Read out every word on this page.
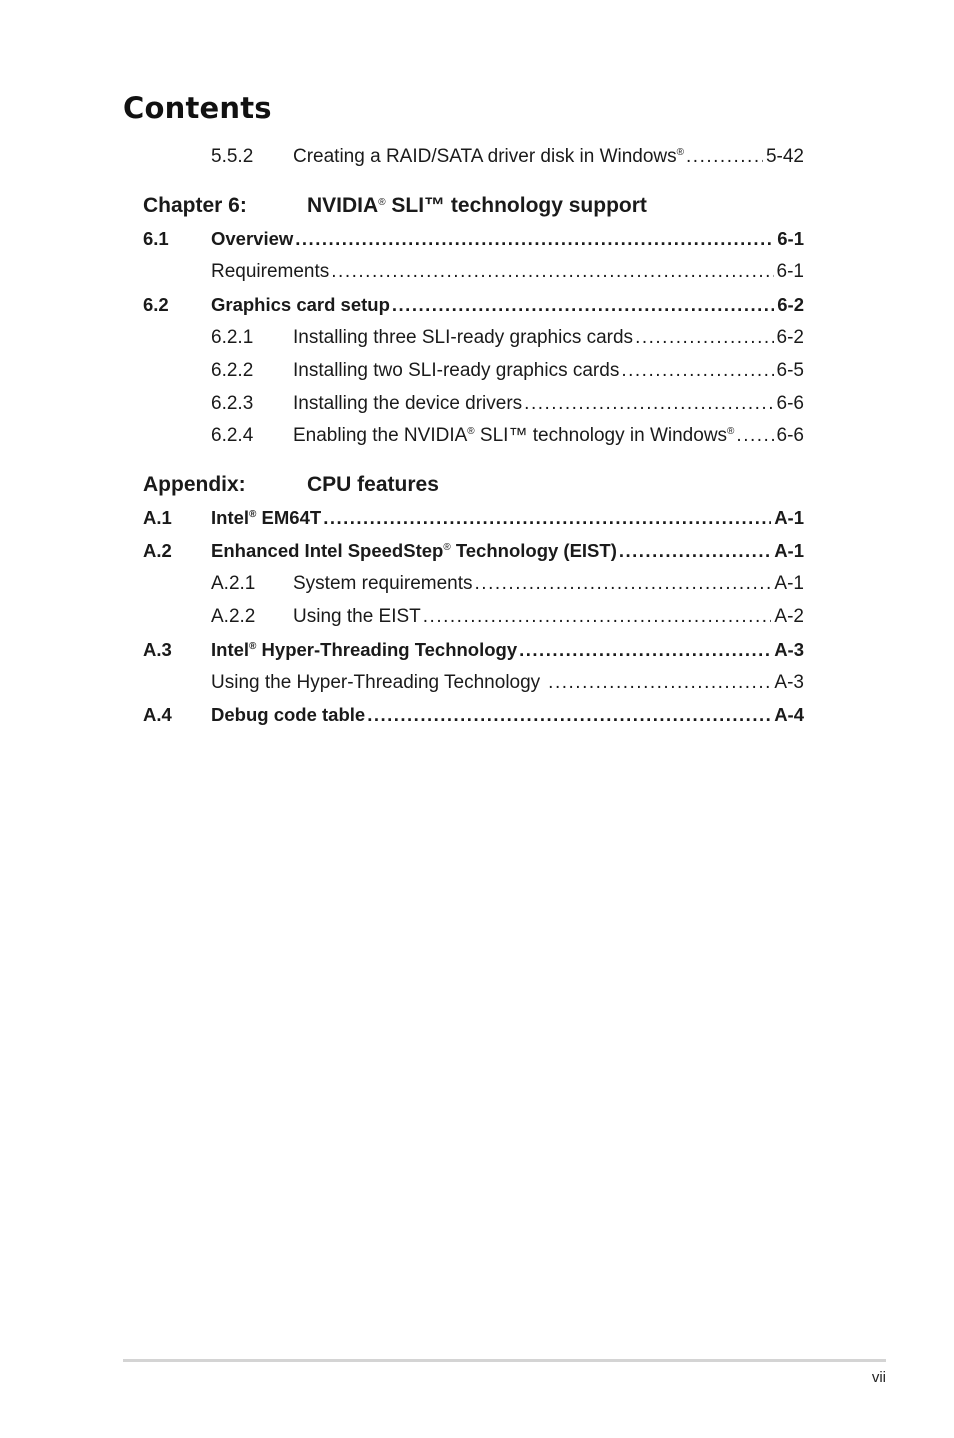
Contents
5.5.2	Creating a RAID/SATA driver disk in Windows® .....	5-42
Chapter 6:	NVIDIA® SLI™ technology support
6.1	Overview .....	6-1
Requirements .....	6-1
6.2	Graphics card setup .....	6-2
6.2.1	Installing three SLI-ready graphics cards .....	6-2
6.2.2	Installing two SLI-ready graphics cards .....	6-5
6.2.3	Installing the device drivers .....	6-6
6.2.4	Enabling the NVIDIA® SLI™ technology in Windows® ..... 6-6
Appendix:	CPU features
A.1	Intel® EM64T .....	A-1
A.2	Enhanced Intel SpeedStep® Technology (EIST) .....	A-1
A.2.1	System requirements .....	A-1
A.2.2	Using the EIST .....	A-2
A.3	Intel® Hyper-Threading Technology .....	A-3
Using the Hyper-Threading Technology .....	A-3
A.4	Debug code table .....	A-4
vii
